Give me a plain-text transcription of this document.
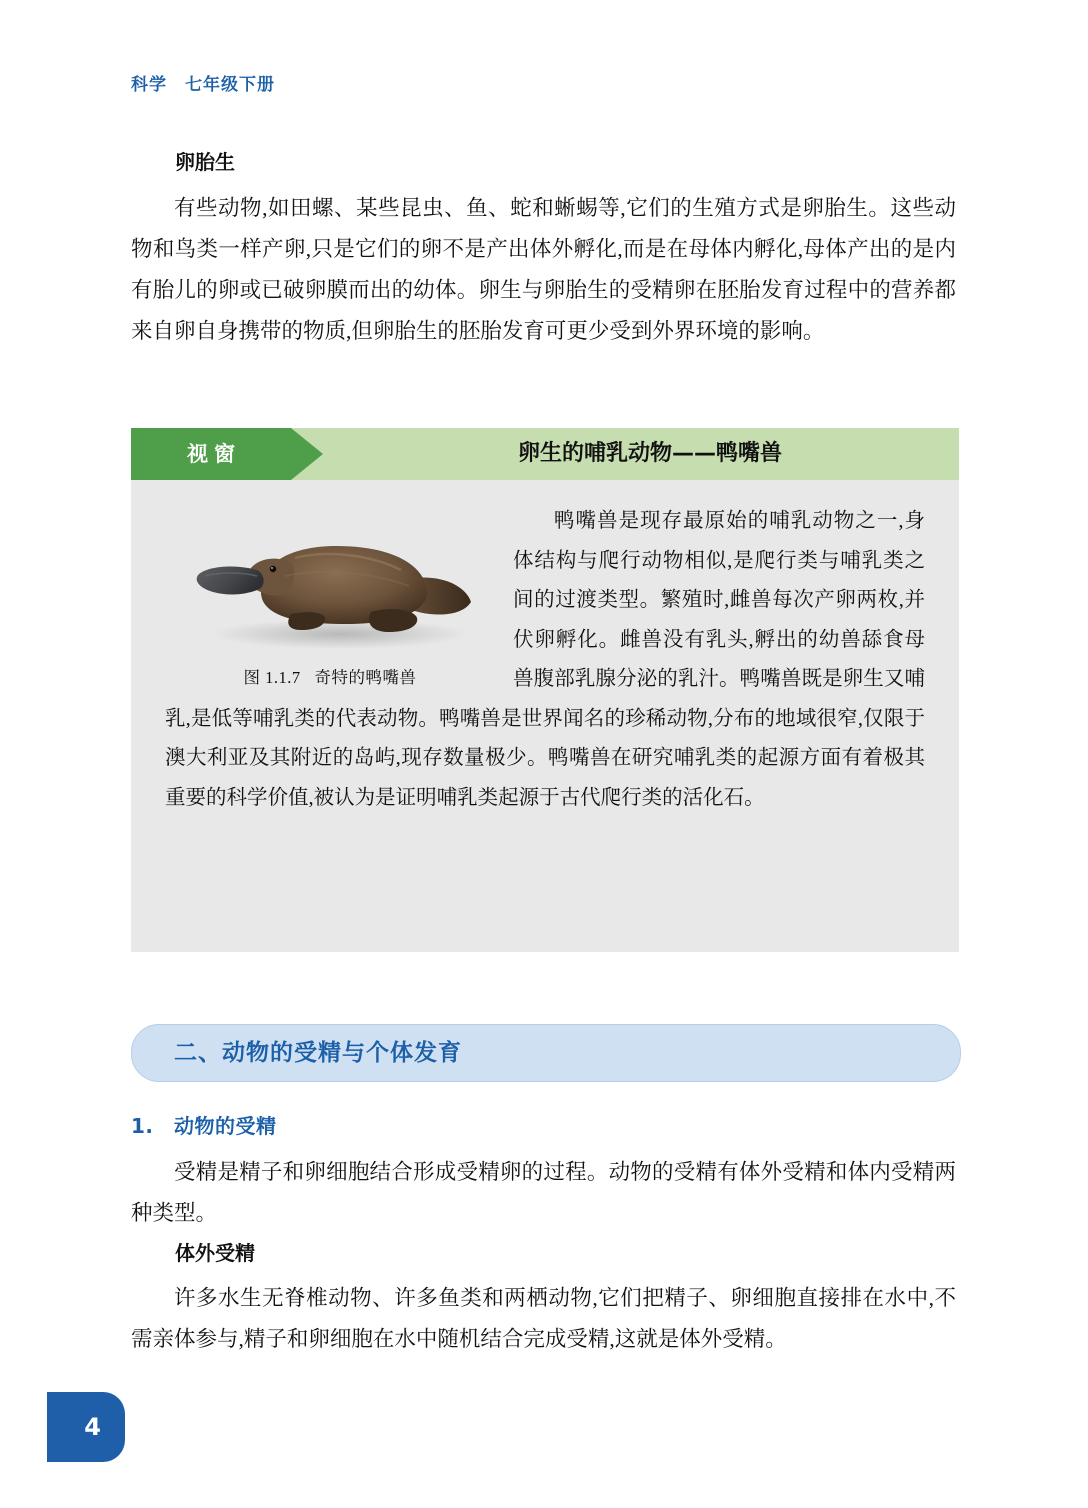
科学　七年级下册
卵胎生
有些动物,如田螺、某些昆虫、鱼、蛇和蜥蜴等,它们的生殖方式是卵胎生。这些动物和鸟类一样产卵,只是它们的卵不是产出体外孵化,而是在母体内孵化,母体产出的是内有胎儿的卵或已破卵膜而出的幼体。卵生与卵胎生的受精卵在胚胎发育过程中的营养都来自卵自身携带的物质,但卵胎生的胚胎发育可更少受到外界环境的影响。
视窗	卵生的哺乳动物——鸭嘴兽
图 1.1.7 奇特的鸭嘴兽
鸭嘴兽是现存最原始的哺乳动物之一,身体结构与爬行动物相似,是爬行类与哺乳类之间的过渡类型。繁殖时,雌兽每次产卵两枚,并伏卵孵化。雌兽没有乳头,孵出的幼兽舔食母兽腹部乳腺分泌的乳汁。鸭嘴兽既是卵生又哺乳,是低等哺乳类的代表动物。鸭嘴兽是世界闻名的珍稀动物,分布的地域很窄,仅限于澳大利亚及其附近的岛屿,现存数量极少。鸭嘴兽在研究哺乳类的起源方面有着极其重要的科学价值,被认为是证明哺乳类起源于古代爬行类的活化石。
二、动物的受精与个体发育
1.　动物的受精
受精是精子和卵细胞结合形成受精卵的过程。动物的受精有体外受精和体内受精两种类型。
体外受精
许多水生无脊椎动物、许多鱼类和两栖动物,它们把精子、卵细胞直接排在水中,不需亲体参与,精子和卵细胞在水中随机结合完成受精,这就是体外受精。
4
